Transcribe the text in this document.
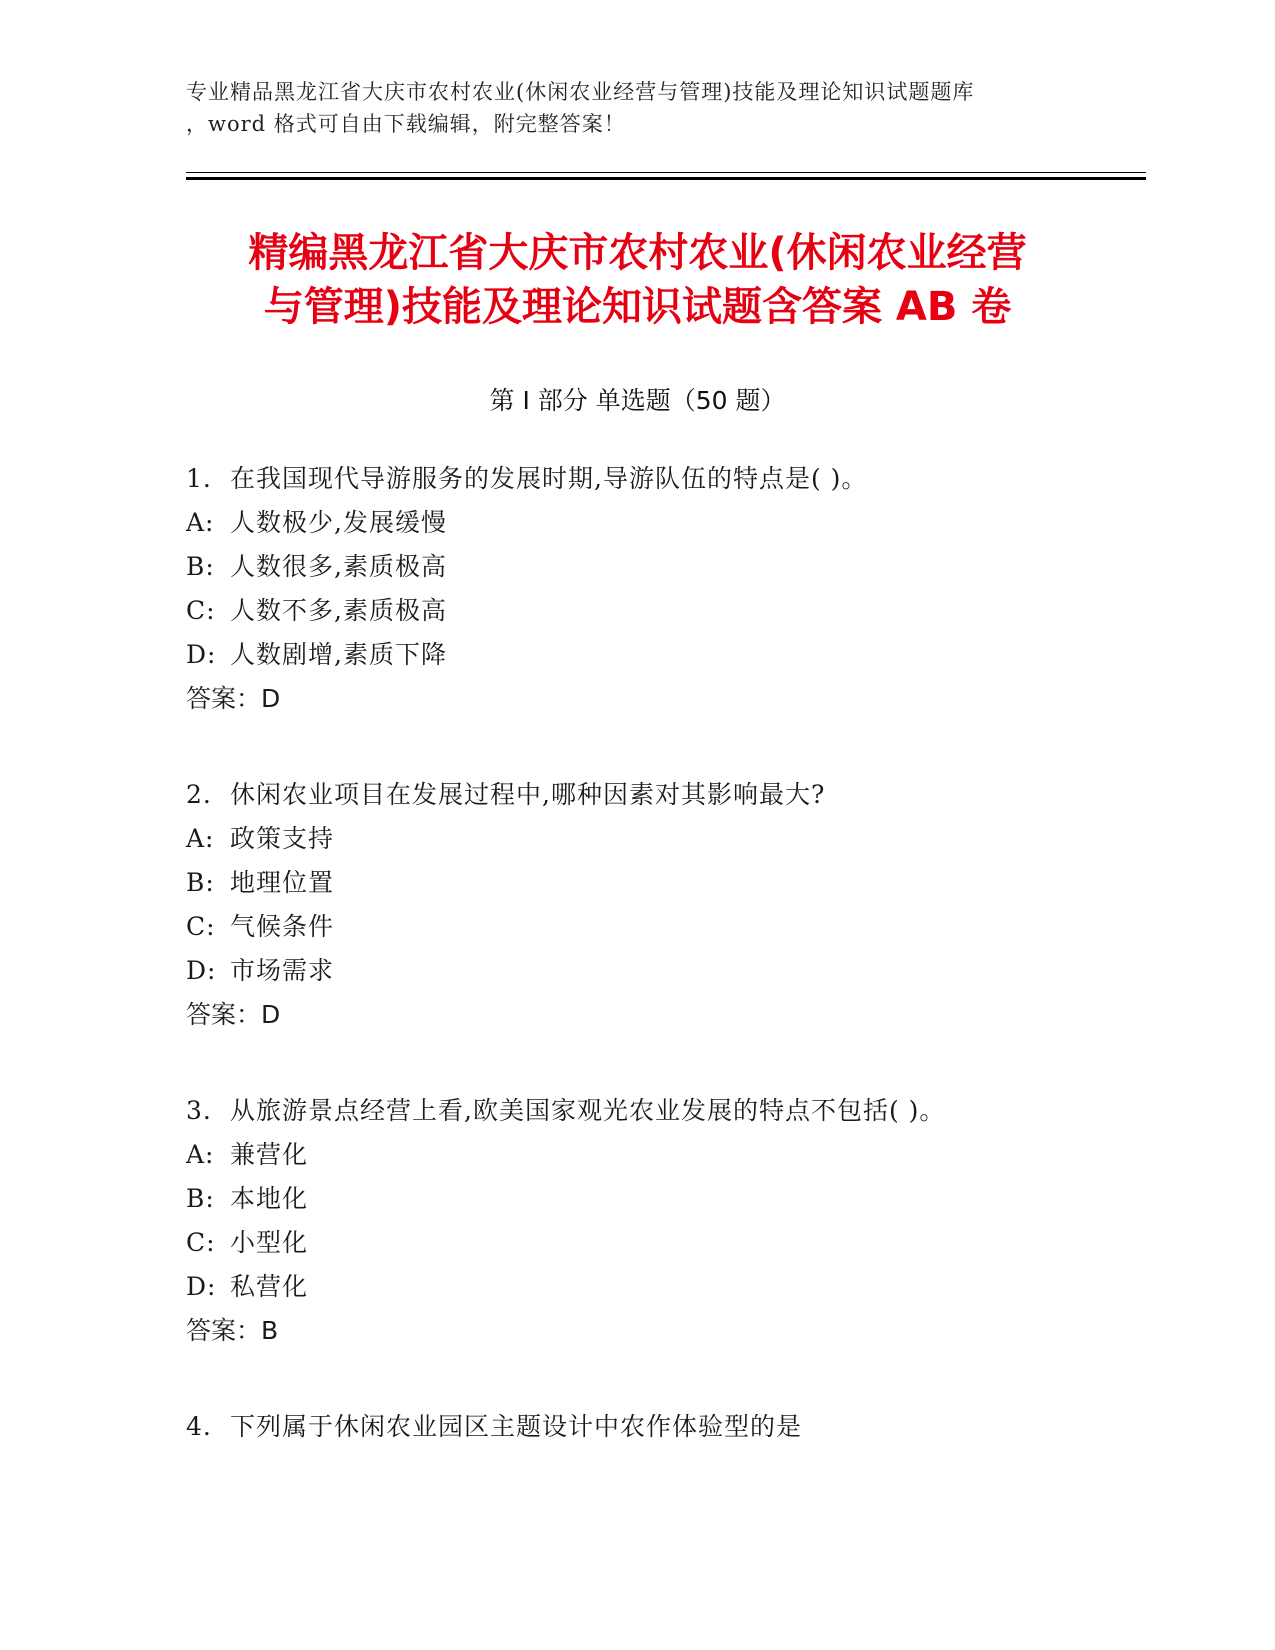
专业精品黑龙江省大庆市农村农业(休闲农业经营与管理)技能及理论知识试题题库
，word 格式可自由下载编辑，附完整答案！
精编黑龙江省大庆市农村农业(休闲农业经营
与管理)技能及理论知识试题含答案 AB 卷
第 I 部分 单选题（50 题）
1. 在我国现代导游服务的发展时期,导游队伍的特点是( )。
A: 人数极少,发展缓慢
B: 人数很多,素质极高
C: 人数不多,素质极高
D: 人数剧增,素质下降
答案：D
2. 休闲农业项目在发展过程中,哪种因素对其影响最大?
A: 政策支持
B: 地理位置
C: 气候条件
D: 市场需求
答案：D
3. 从旅游景点经营上看,欧美国家观光农业发展的特点不包括( )。
A: 兼营化
B: 本地化
C: 小型化
D: 私营化
答案：B
4. 下列属于休闲农业园区主题设计中农作体验型的是
